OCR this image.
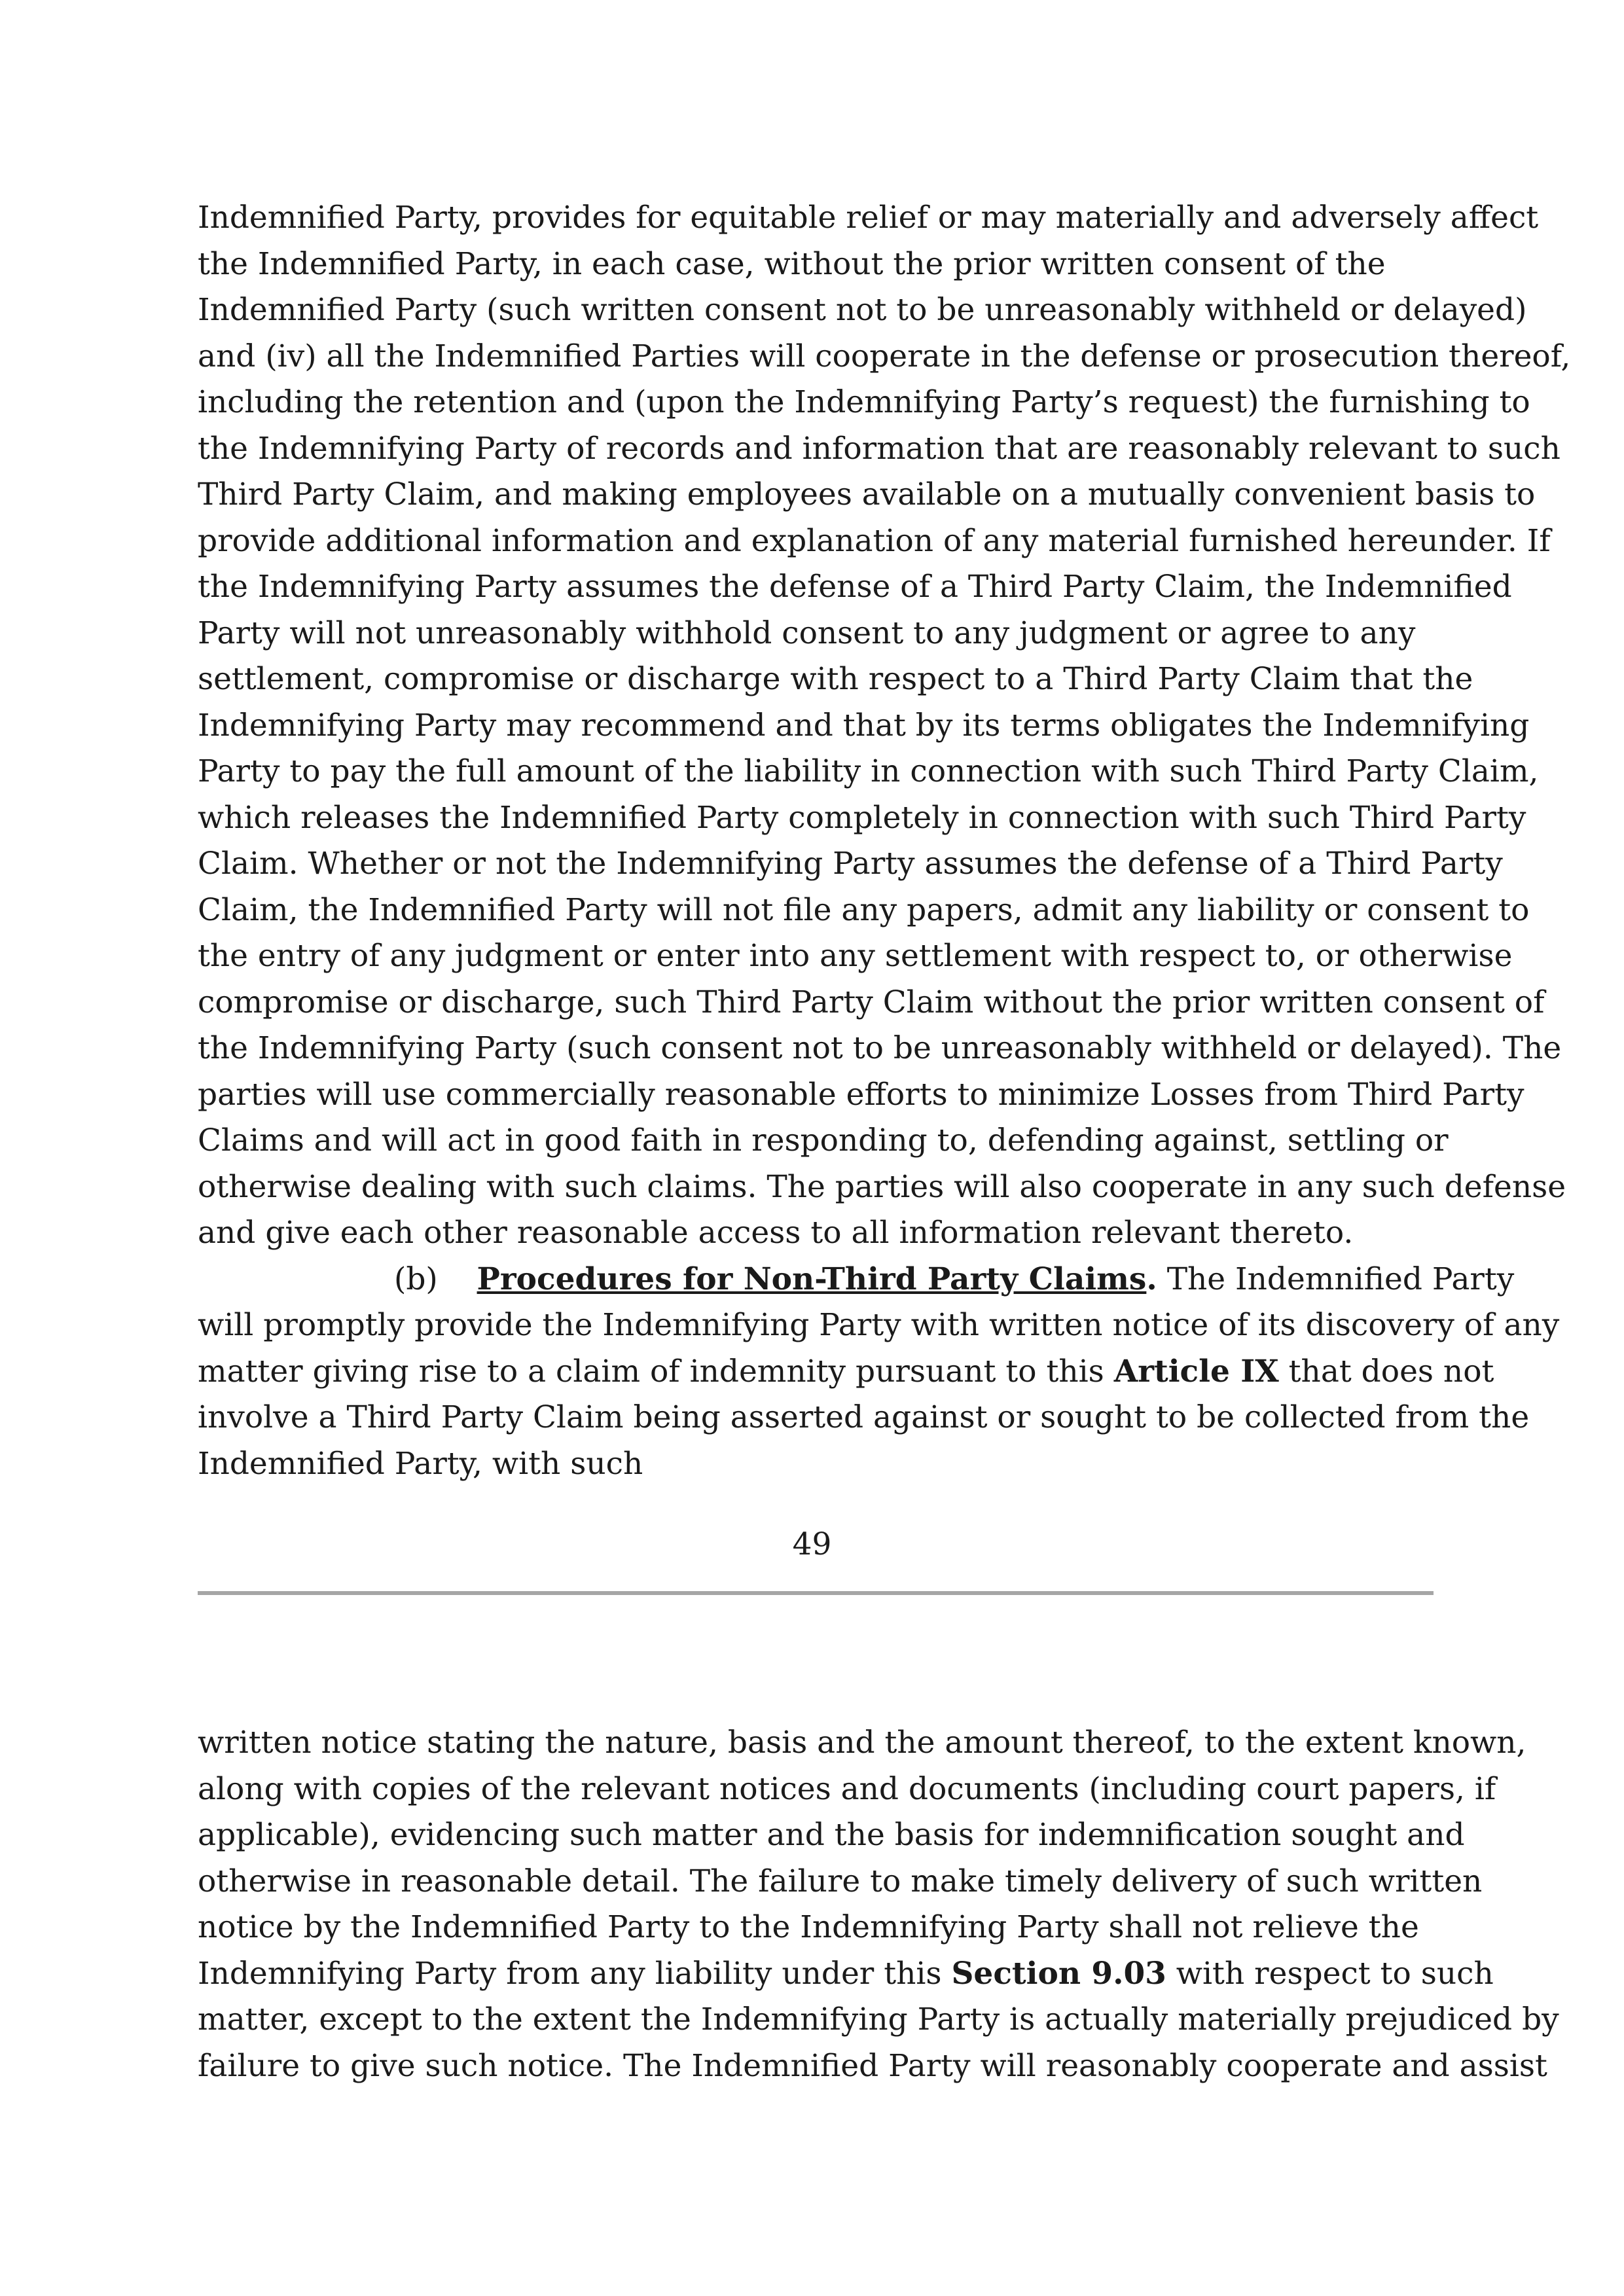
Indemnified Party, provides for equitable relief or may materially and adversely affect
the Indemnified Party, in each case, without the prior written consent of the
Indemnified Party (such written consent not to be unreasonably withheld or delayed)
and (iv) all the Indemnified Parties will cooperate in the defense or prosecution thereof,
including the retention and (upon the Indemnifying Party’s request) the furnishing to
the Indemnifying Party of records and information that are reasonably relevant to such
Third Party Claim, and making employees available on a mutually convenient basis to
provide additional information and explanation of any material furnished hereunder. If
the Indemnifying Party assumes the defense of a Third Party Claim, the Indemnified
Party will not unreasonably withhold consent to any judgment or agree to any
settlement, compromise or discharge with respect to a Third Party Claim that the
Indemnifying Party may recommend and that by its terms obligates the Indemnifying
Party to pay the full amount of the liability in connection with such Third Party Claim,
which releases the Indemnified Party completely in connection with such Third Party
Claim. Whether or not the Indemnifying Party assumes the defense of a Third Party
Claim, the Indemnified Party will not file any papers, admit any liability or consent to
the entry of any judgment or enter into any settlement with respect to, or otherwise
compromise or discharge, such Third Party Claim without the prior written consent of
the Indemnifying Party (such consent not to be unreasonably withheld or delayed). The
parties will use commercially reasonable efforts to minimize Losses from Third Party
Claims and will act in good faith in responding to, defending against, settling or
otherwise dealing with such claims. The parties will also cooperate in any such defense
and give each other reasonable access to all information relevant thereto.
(b) Procedures for Non-Third Party Claims. The Indemnified Party
will promptly provide the Indemnifying Party with written notice of its discovery of any
matter giving rise to a claim of indemnity pursuant to this Article IX that does not
involve a Third Party Claim being asserted against or sought to be collected from the
Indemnified Party, with such
49
written notice stating the nature, basis and the amount thereof, to the extent known,
along with copies of the relevant notices and documents (including court papers, if
applicable), evidencing such matter and the basis for indemnification sought and
otherwise in reasonable detail. The failure to make timely delivery of such written
notice by the Indemnified Party to the Indemnifying Party shall not relieve the
Indemnifying Party from any liability under this Section 9.03 with respect to such
matter, except to the extent the Indemnifying Party is actually materially prejudiced by
failure to give such notice. The Indemnified Party will reasonably cooperate and assist
